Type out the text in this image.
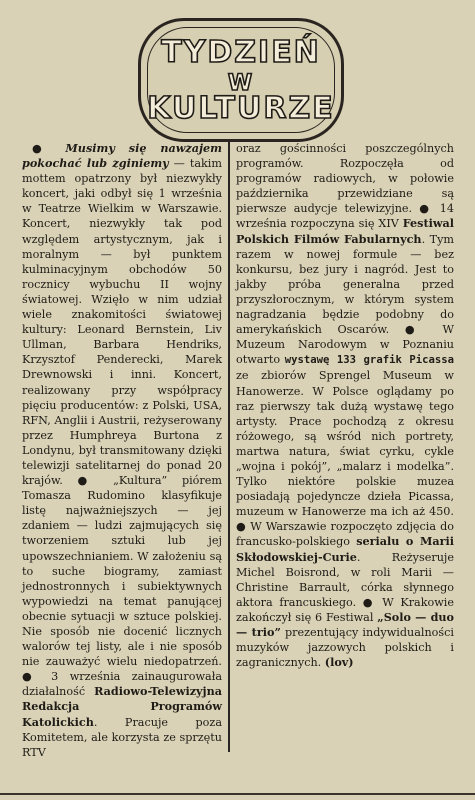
TYDZIEŃ
W
KULTURZE

● Musimy się nawzajem pokochać lub zginiemy — takim mottem opatrzony był niezwykły koncert, jaki odbył się 1 września w Teatrze Wielkim w Warszawie. Koncert, niezwykły tak pod względem artystycznym, jak i moralnym — był punktem kulminacyjnym obchodów 50 rocznicy wybuchu II wojny światowej. Wzięło w nim udział wiele znakomitości światowej kultury: Leonard Bernstein, Liv Ullman, Barbara Hendriks, Krzysztof Penderecki, Marek Drewnowski i inni. Koncert, realizowany przy współpracy pięciu producentów: z Polski, USA, RFN, Anglii i Austrii, reżyserowany przez Humphreya Burtona z Londynu, był transmitowany dzięki telewizji satelitarnej do ponad 20 krajów. ● „Kultura” piórem Tomasza Rudomino klasyfikuje listę najważniejszych — jej zdaniem — ludzi zajmujących się tworzeniem sztuki lub jej upowszechnianiem. W założeniu są to suche biogramy, zamiast jednostronnych i subiektywnych wypowiedzi na temat panującej obecnie sytuacji w sztuce polskiej. Nie sposób nie docenić licznych walorów tej listy, ale i nie sposób nie zauważyć wielu niedopatrzeń. ● 3 września zainaugurowała działalność Radiowo-Telewizyjna Redakcja Programów Katolickich. Pracuje poza Komitetem, ale korzysta ze sprzętu RTV

oraz gościnności poszczególnych programów. Rozpoczęła od programów radiowych, w połowie października przewidziane są pierwsze audycje telewizyjne. ● 14 września rozpoczyna się XIV Festiwal Polskich Filmów Fabularnych. Tym razem w nowej formule — bez konkursu, bez jury i nagród. Jest to jakby próba generalna przed przyszłorocznym, w którym system nagradzania będzie podobny do amerykańskich Oscarów. ● W Muzeum Narodowym w Poznaniu otwarto wystawę 133 grafik Picassa ze zbiorów Sprengel Museum w Hanowerze. W Polsce oglądamy po raz pierwszy tak dużą wystawę tego artysty. Prace pochodzą z okresu różowego, są wśród nich portrety, martwa natura, świat cyrku, cykle „wojna i pokój”, „malarz i modelka”. Tylko niektóre polskie muzea posiadają pojedyncze dzieła Picassa, muzeum w Hanowerze ma ich aż 450. ● W Warszawie rozpoczęto zdjęcia do francusko-polskiego serialu o Marii Skłodowskiej-Curie. Reżyseruje Michel Boisrond, w roli Marii — Christine Barrault, córka słynnego aktora francuskiego. ● W Krakowie zakończył się 6 Festiwal „Solo — duo — trio” prezentujący indywidualności muzyków jazzowych polskich i zagranicznych. (lov)
